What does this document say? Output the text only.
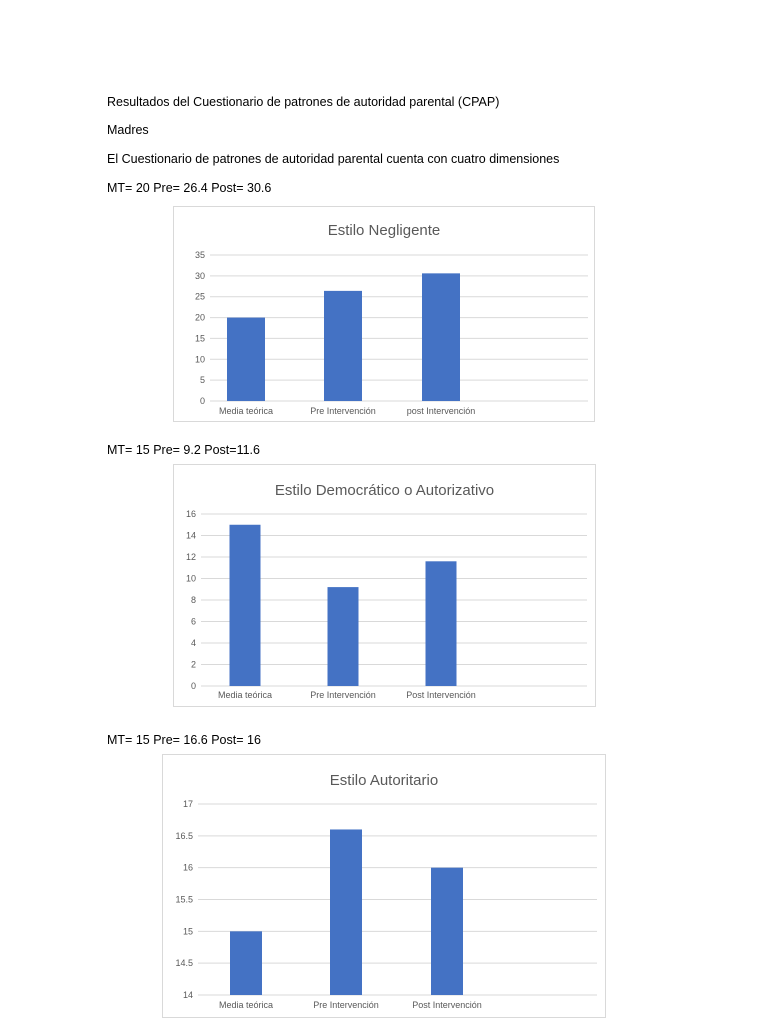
Resultados del Cuestionario de patrones de autoridad parental (CPAP)

Madres

El Cuestionario de patrones de autoridad parental cuenta con cuatro dimensiones

MT= 20 Pre= 26.4 Post= 30.6

Estilo Negligente
0
5
10
15
20
25
30
35
Media teórica	Pre Intervención	post Intervención

MT= 15 Pre= 9.2 Post=11.6

Estilo Democrático o Autorizativo
0
2
4
6
8
10
12
14
16
Media teórica	Pre Intervención	Post Intervención

MT= 15 Pre= 16.6 Post= 16

Estilo Autoritario
14
14.5
15
15.5
16
16.5
17
Media teórica	Pre Intervención	Post Intervención
